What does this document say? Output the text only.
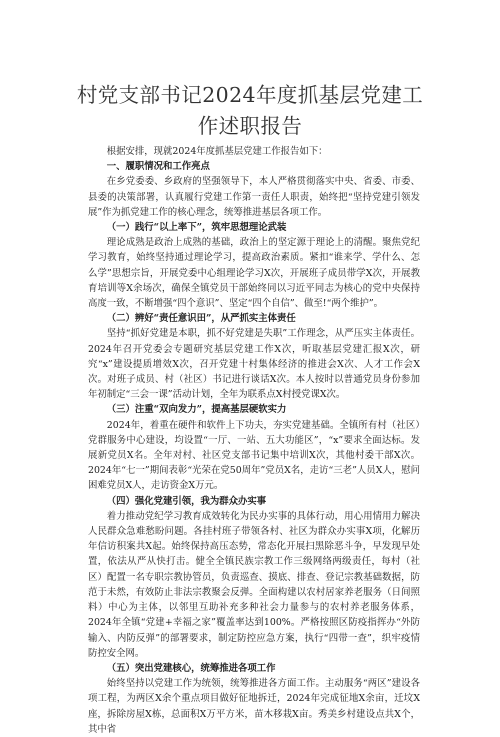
村党支部书记2024年度抓基层党建工作述职报告

根据安排，现就2024年度抓基层党建工作报告如下：

一、履职情况和工作亮点

在乡党委委、乡政府的坚强领导下，本人严格贯彻落实中央、省委、市委、县委的决策部署，认真履行党建工作第一责任人职责，始终把“坚持党建引领发展”作为抓党建工作的核心理念，统筹推进基层各项工作。

（一）践行“以上率下”，筑牢思想理论武装

理论成熟是政治上成熟的基础，政治上的坚定源于理论上的清醒。聚焦党纪学习教育，始终坚持通过理论学习，提高政治素质。紧扣“谁来学、学什么、怎么学”思想宗旨，开展党委中心组理论学习X次，开展班子成员带学X次，开展教育培训等X余场次，确保全镇党员干部始终同以习近平同志为核心的党中央保持高度一致，不断增强“四个意识”、坚定“四个自信”、做至!“两个维护”。

（二）辨好“责任意识田”，从严抓实主体责任

坚持“抓好党建是本职，抓不好党建是失职”工作理念，从严压实主体责任。2024年召开党委会专题研究基层党建工作X次，听取基层党建汇报X次，研究“x”建设提质增效X次，召开党建十村集体经济的推进会X次、人才工作会X次。对班子成员、村（社区）书记进行谈话X次。本人按时以普通党员身份参加年初制定“三会一课”活动计划，全年为联系点X村授党课X次。

（三）注重“双向发力”，提高基层硬软实力

2024年，着重在硬件和软件上下功夫，夯实党建基础。全镇所有村（社区）党群服务中心建设，均设置“一厅、一站、五大功能区”，“x”要求全面达标。发展新党员X名。全年对村、社区党支部书记集中培训X次，其他村委干部X次。2024年“七一”期间表彰“光荣在党50周年”党员X名，走访“三老”人员X人，慰问困难党员X人，走访资金X万元。

（四）强化党建引领，我为群众办实事

着力推动党纪学习教育成效转化为民办实事的具体行动，用心用情用力解决人民群众急难愁盼问题。各挂村班子带领各村、社区为群众办实事X项，化解历年信访积案共X起。始终保持高压态势，常态化开展扫黑除恶斗争，早发现早处置，依法从严从快打击。健全全镇民族宗教工作三级网络两级责任，每村（社区）配置一名专职宗教协管员，负责巡查、摸底、排查、登记宗教基础数据，防范于未然，有效防止非法宗教聚会反弹。全面构建以农村居家养老服务（日间照料）中心为主体，以邻里互助补充多种社会力量参与的农村养老服务体系，2024年全镇“党建+幸福之家”覆盖率达到100%。严格按照区防疫指挥办“外防输入、内防反弹”的部署要求，制定防控应急方案，执行“四带一查”，织牢疫情防控安全网。

（五）突出党建核心，统筹推进各项工作

始终坚持以党建工作为统领，统筹推进各方面工作。主动服务“两区”建设各项工程，为两区X余个重点项目做好征地拆迁，2024年完成征地X余亩，迁坟X座，拆除房屋X栋，总面积X万平方米，苗木移栽X亩。秀美乡村建设点共X个，其中省
